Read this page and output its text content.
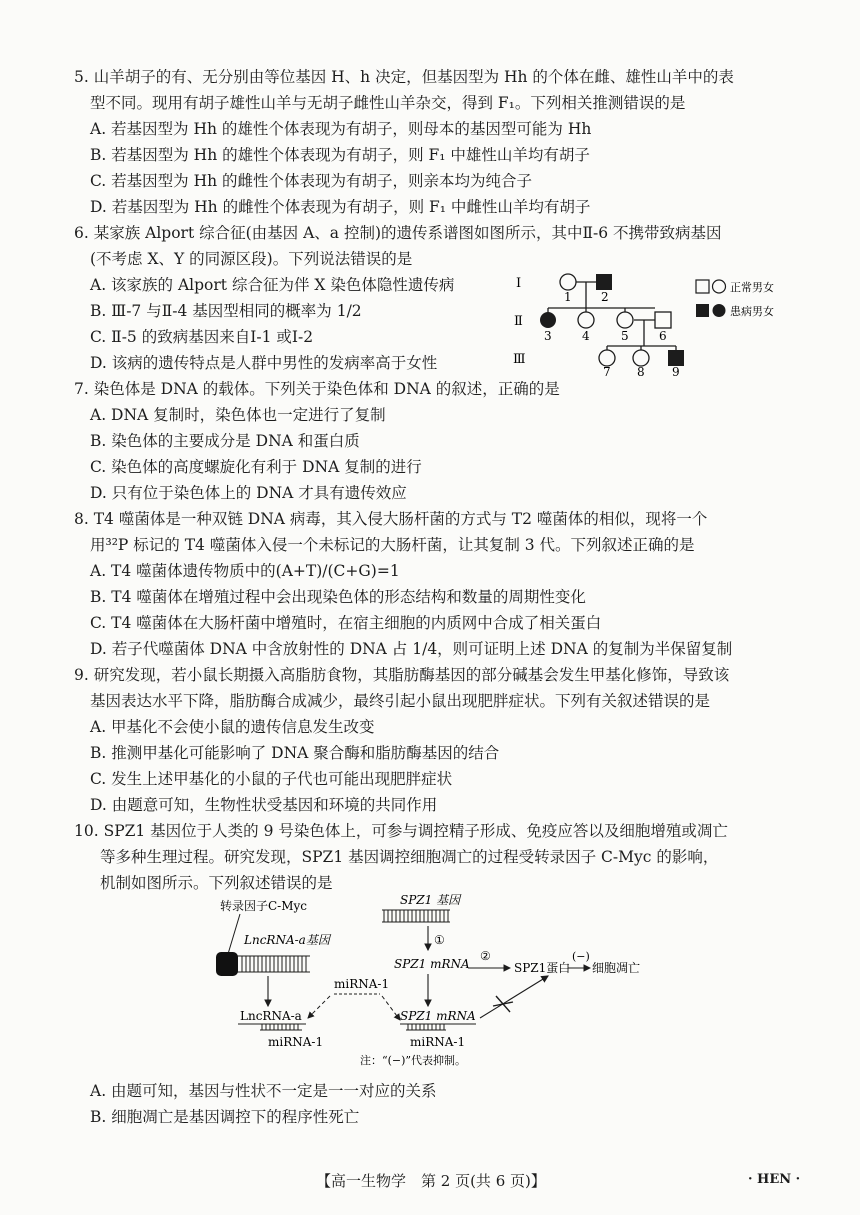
5. 山羊胡子的有、无分别由等位基因 H、h 决定，但基因型为 Hh 的个体在雌、雄性山羊中的表
型不同。现用有胡子雄性山羊与无胡子雌性山羊杂交，得到 F₁。下列相关推测错误的是
A. 若基因型为 Hh 的雄性个体表现为有胡子，则母本的基因型可能为 Hh
B. 若基因型为 Hh 的雄性个体表现为有胡子，则 F₁ 中雄性山羊均有胡子
C. 若基因型为 Hh 的雌性个体表现为有胡子，则亲本均为纯合子
D. 若基因型为 Hh 的雌性个体表现为有胡子，则 F₁ 中雌性山羊均有胡子
6. 某家族 Alport 综合征(由基因 A、a 控制)的遗传系谱图如图所示，其中Ⅱ-6 不携带致病基因
(不考虑 X、Y 的同源区段)。下列说法错误的是
A. 该家族的 Alport 综合征为伴 X 染色体隐性遗传病
B. Ⅲ-7 与Ⅱ-4 基因型相同的概率为 1/2
C. Ⅱ-5 的致病基因来自Ⅰ-1 或Ⅰ-2
D. 该病的遗传特点是人群中男性的发病率高于女性
Ⅰ
Ⅱ
Ⅲ
1 2
3	4	5	6
7 8 9
正常男女
患病男女
7. 染色体是 DNA 的载体。下列关于染色体和 DNA 的叙述，正确的是
A. DNA 复制时，染色体也一定进行了复制
B. 染色体的主要成分是 DNA 和蛋白质
C. 染色体的高度螺旋化有利于 DNA 复制的进行
D. 只有位于染色体上的 DNA 才具有遗传效应
8. T4 噬菌体是一种双链 DNA 病毒，其入侵大肠杆菌的方式与 T2 噬菌体的相似，现将一个
用³²P 标记的 T4 噬菌体入侵一个未标记的大肠杆菌，让其复制 3 代。下列叙述正确的是
A. T4 噬菌体遗传物质中的(A+T)/(C+G)=1
B. T4 噬菌体在增殖过程中会出现染色体的形态结构和数量的周期性变化
C. T4 噬菌体在大肠杆菌中增殖时，在宿主细胞的内质网中合成了相关蛋白
D. 若子代噬菌体 DNA 中含放射性的 DNA 占 1/4，则可证明上述 DNA 的复制为半保留复制
9. 研究发现，若小鼠长期摄入高脂肪食物，其脂肪酶基因的部分碱基会发生甲基化修饰，导致该
基因表达水平下降，脂肪酶合成减少，最终引起小鼠出现肥胖症状。下列有关叙述错误的是
A. 甲基化不会使小鼠的遗传信息发生改变
B. 推测甲基化可能影响了 DNA 聚合酶和脂肪酶基因的结合
C. 发生上述甲基化的小鼠的子代也可能出现肥胖症状
D. 由题意可知，生物性状受基因和环境的共同作用
10. SPZ1 基因位于人类的 9 号染色体上，可参与调控精子形成、免疫应答以及细胞增殖或凋亡
等多种生理过程。研究发现，SPZ1 基因调控细胞凋亡的过程受转录因子 C-Myc 的影响，
机制如图所示。下列叙述错误的是
转录因子C-Myc
LncRNA-a基因
LncRNA-a
miRNA-1
SPZ1 基因
①
SPZ1 mRNA
②
SPZ1蛋白
(−)
细胞凋亡
miRNA-1
SPZ1 mRNA
miRNA-1
注：“(−)”代表抑制。
A. 由题可知，基因与性状不一定是一一对应的关系
B. 细胞凋亡是基因调控下的程序性死亡
【高一生物学　第 2 页(共 6 页)】	· HEN ·
